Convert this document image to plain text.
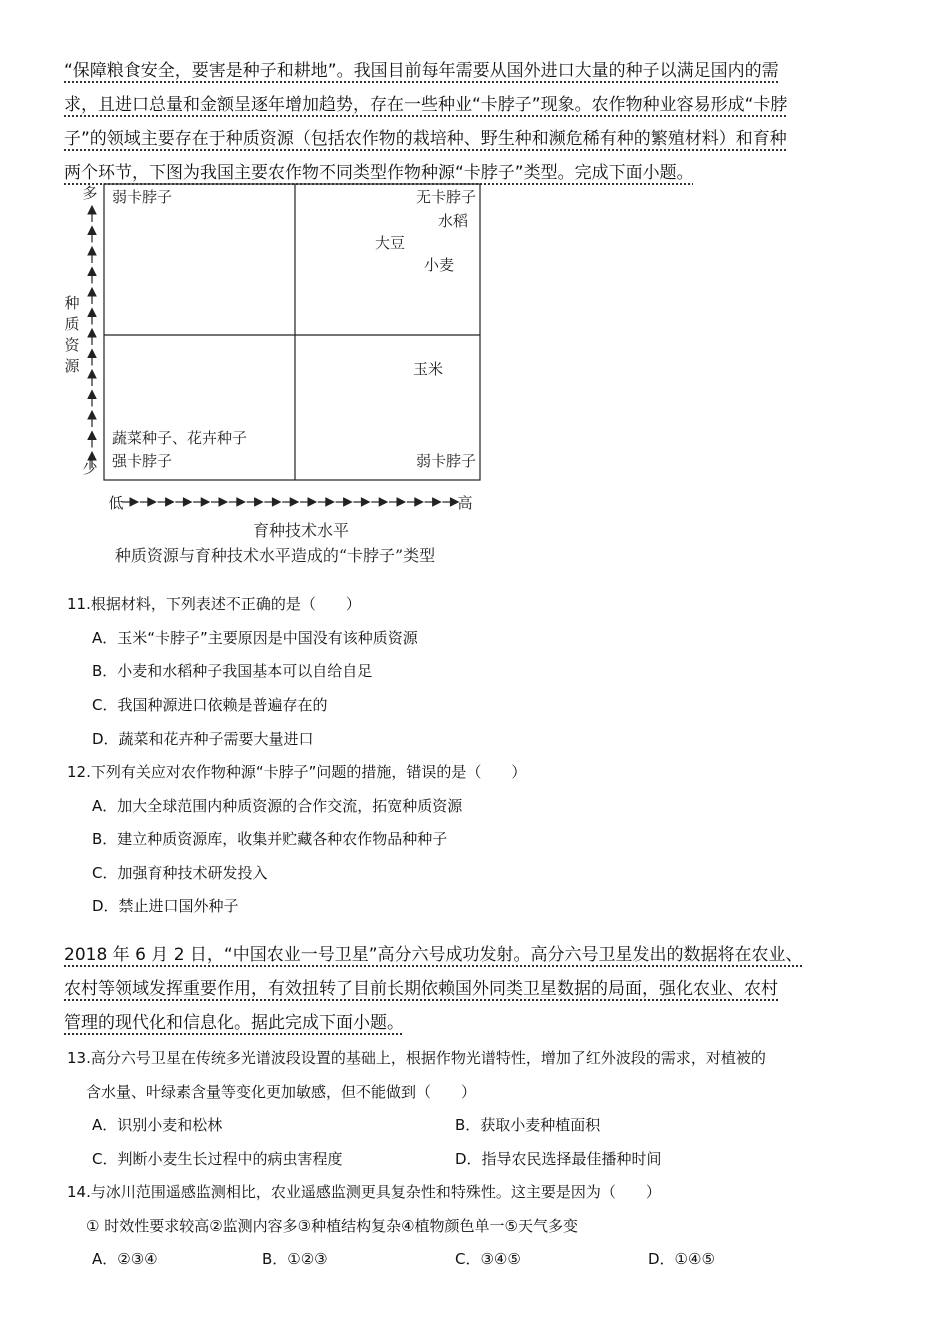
“保障粮食安全，要害是种子和耕地”。我国目前每年需要从国外进口大量的种子以满足国内的需
求，且进口总量和金额呈逐年增加趋势，存在一些种业“卡脖子”现象。农作物种业容易形成“卡脖
子”的领域主要存在于种质资源（包括农作物的栽培种、野生种和濒危稀有种的繁殖材料）和育种
两个环节，下图为我国主要农作物不同类型作物种源“卡脖子”类型。完成下面小题。
多
少
种
质
资
源
低	高
育种技术水平
种质资源与育种技术水平造成的“卡脖子”类型
弱卡脖子	无卡脖子
水稻
大豆
小麦
玉米
蔬菜种子、花卉种子
强卡脖子	弱卡脖子
11.根据材料，下列表述不正确的是（　　）
A．玉米“卡脖子”主要原因是中国没有该种质资源
B．小麦和水稻种子我国基本可以自给自足
C．我国种源进口依赖是普遍存在的
D．蔬菜和花卉种子需要大量进口
12.下列有关应对农作物种源“卡脖子”问题的措施，错误的是（　　）
A．加大全球范围内种质资源的合作交流，拓宽种质资源
B．建立种质资源库，收集并贮藏各种农作物品种种子
C．加强育种技术研发投入
D．禁止进口国外种子
2018 年 6 月 2 日，“中国农业一号卫星”高分六号成功发射。高分六号卫星发出的数据将在农业、
农村等领域发挥重要作用，有效扭转了目前长期依赖国外同类卫星数据的局面，强化农业、农村
管理的现代化和信息化。据此完成下面小题。
13.高分六号卫星在传统多光谱波段设置的基础上，根据作物光谱特性，增加了红外波段的需求，对植被的
含水量、叶绿素含量等变化更加敏感，但不能做到（　　）
A．识别小麦和松林	B．获取小麦种植面积
C．判断小麦生长过程中的病虫害程度	D．指导农民选择最佳播种时间
14.与冰川范围遥感监测相比，农业遥感监测更具复杂性和特殊性。这主要是因为（　　）
① 时效性要求较高②监测内容多③种植结构复杂④植物颜色单一⑤天气多变
A．②③④	B．①②③	C．③④⑤	D．①④⑤
